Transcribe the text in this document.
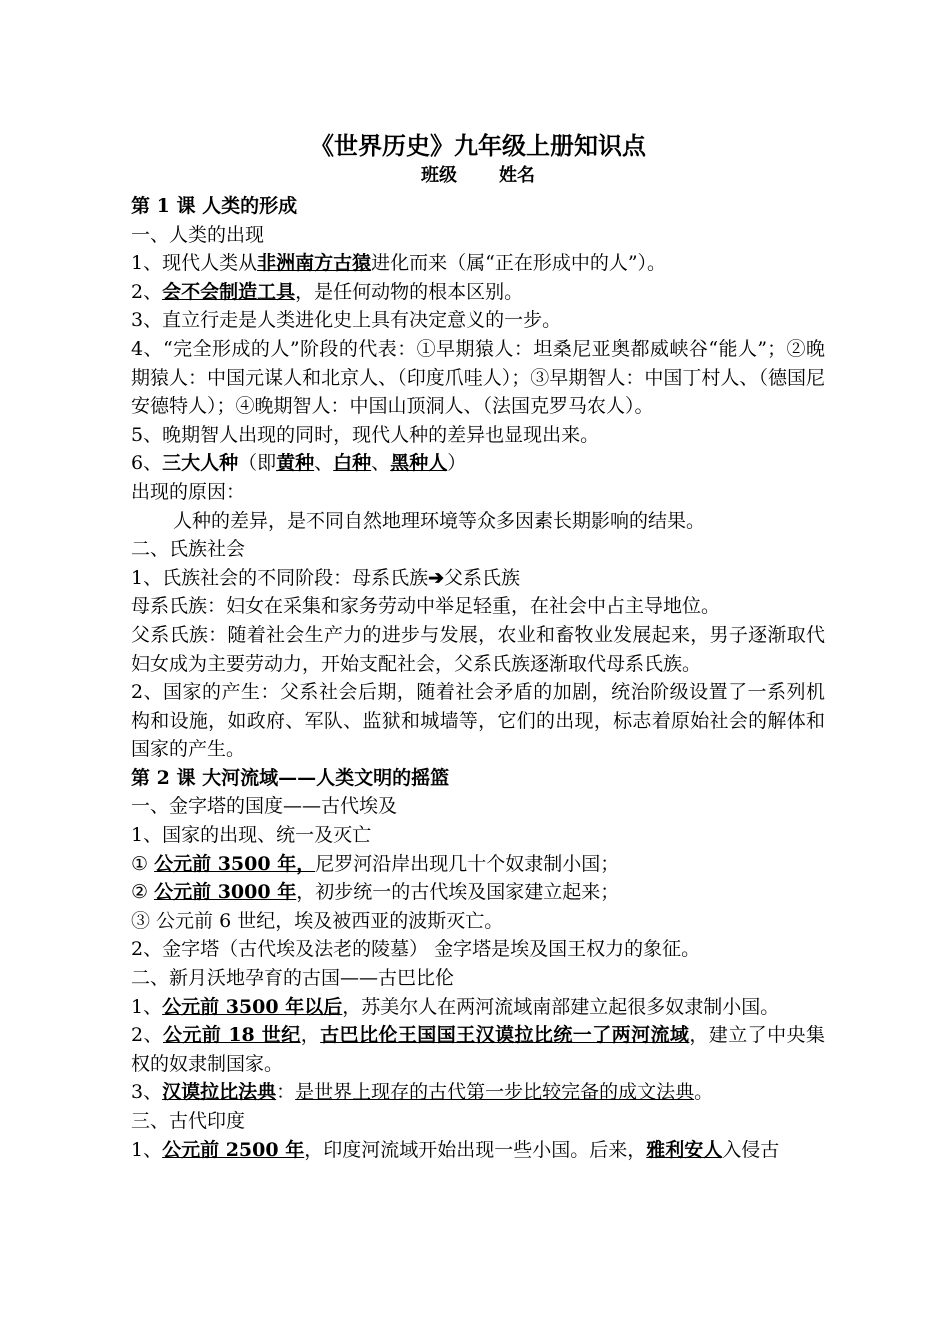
《世界历史》九年级上册知识点

班级 姓名

第 1 课 人类的形成

一、人类的出现

1、现代人类从非洲南方古猿进化而来（属“正在形成中的人”）。

2、会不会制造工具，是任何动物的根本区别。

3、直立行走是人类进化史上具有决定意义的一步。

4、“完全形成的人”阶段的代表：①早期猿人：坦桑尼亚奥都威峡谷“能人”；②晚期猿人：中国元谋人和北京人、（印度爪哇人）；③早期智人：中国丁村人、（德国尼安德特人）；④晚期智人：中国山顶洞人、（法国克罗马农人）。

5、晚期智人出现的同时，现代人种的差异也显现出来。

6、三大人种（即黄种、白种、黑种人）

出现的原因：

人种的差异，是不同自然地理环境等众多因素长期影响的结果。

二、氏族社会

1、氏族社会的不同阶段：母系氏族➔父系氏族

母系氏族：妇女在采集和家务劳动中举足轻重，在社会中占主导地位。

父系氏族：随着社会生产力的进步与发展，农业和畜牧业发展起来，男子逐渐取代妇女成为主要劳动力，开始支配社会，父系氏族逐渐取代母系氏族。

2、国家的产生：父系社会后期，随着社会矛盾的加剧，统治阶级设置了一系列机构和设施，如政府、军队、监狱和城墙等，它们的出现，标志着原始社会的解体和国家的产生。

第 2 课 大河流域——人类文明的摇篮

一、金字塔的国度——古代埃及

1、国家的出现、统一及灭亡

① 公元前 3500 年，尼罗河沿岸出现几十个奴隶制小国；

② 公元前 3000 年，初步统一的古代埃及国家建立起来；

③ 公元前 6 世纪，埃及被西亚的波斯灭亡。

2、金字塔（古代埃及法老的陵墓） 金字塔是埃及国王权力的象征。

二、新月沃地孕育的古国——古巴比伦

1、公元前 3500 年以后，苏美尔人在两河流域南部建立起很多奴隶制小国。

2、公元前 18 世纪，古巴比伦王国国王汉谟拉比统一了两河流域，建立了中央集权的奴隶制国家。

3、汉谟拉比法典：是世界上现存的古代第一步比较完备的成文法典。

三、古代印度

1、公元前 2500 年，印度河流域开始出现一些小国。后来，雅利安人入侵古
